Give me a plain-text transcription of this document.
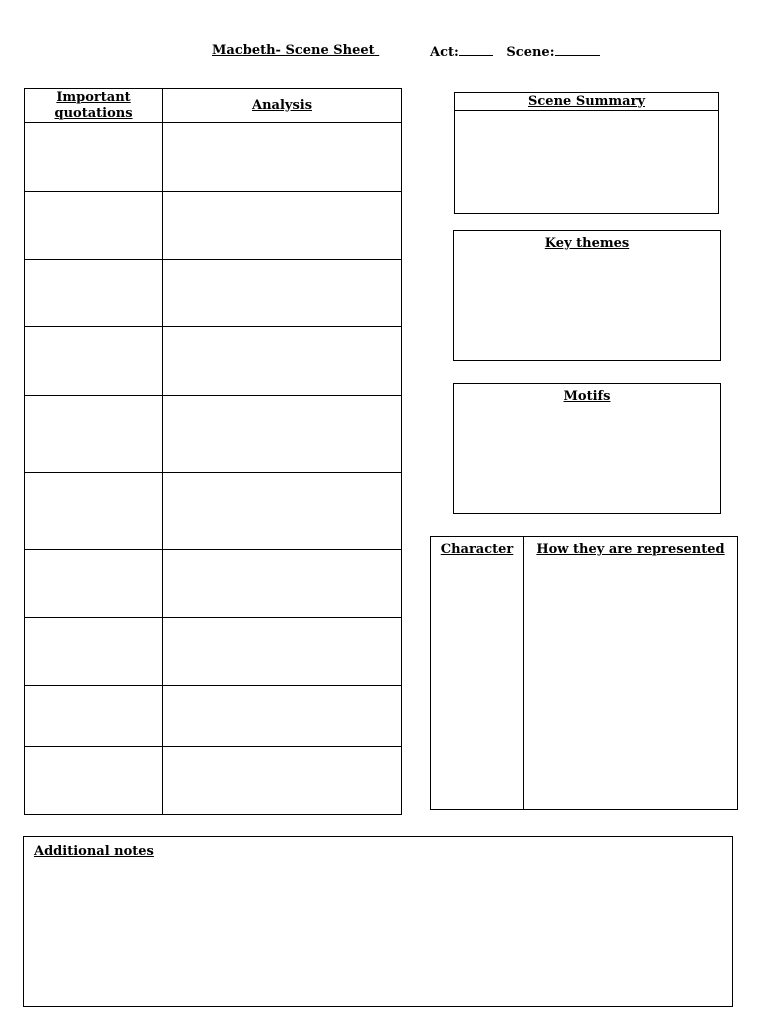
Macbeth- Scene Sheet	Act:	Scene:
Important quotations	Analysis

		Scene Summary
Key themes
Motifs
Character	How they are represented
Additional notes
